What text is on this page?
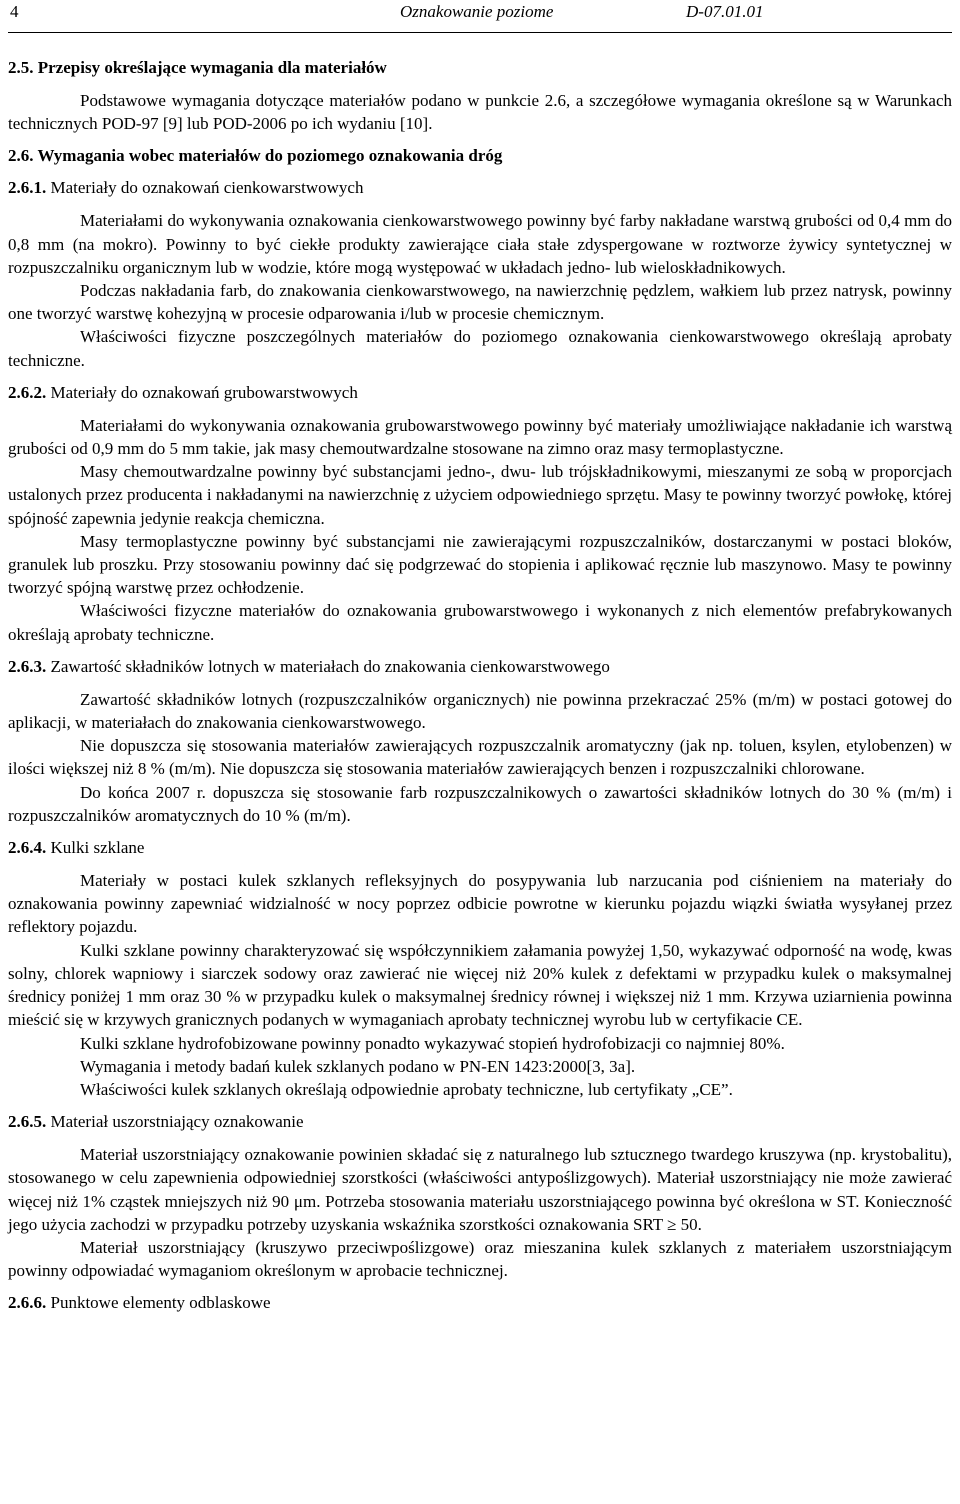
4	Oznakowanie poziome	D-07.01.01
2.5. Przepisy określające wymagania dla materiałów

Podstawowe wymagania dotyczące materiałów podano w punkcie 2.6, a szczegółowe wymagania określone są w Warunkach technicznych POD-97 [9] lub POD-2006 po ich wydaniu [10].

2.6. Wymagania wobec materiałów do poziomego oznakowania dróg
2.6.1. Materiały do oznakowań cienkowarstwowych

Materiałami do wykonywania oznakowania cienkowarstwowego powinny być farby nakładane warstwą grubości od 0,4 mm do 0,8 mm (na mokro). Powinny to być ciekłe produkty zawierające ciała stałe zdyspergowane w roztworze żywicy syntetycznej w rozpuszczalniku organicznym lub w wodzie, które mogą występować w układach jedno- lub wieloskładnikowych.

Podczas nakładania farb, do znakowania cienkowarstwowego, na nawierzchnię pędzlem, wałkiem lub przez natrysk, powinny one tworzyć warstwę kohezyjną w procesie odparowania i/lub w procesie chemicznym.

Właściwości fizyczne poszczególnych materiałów do poziomego oznakowania cienkowarstwowego określają aprobaty techniczne.

2.6.2. Materiały do oznakowań grubowarstwowych

Materiałami do wykonywania oznakowania grubowarstwowego powinny być materiały umożliwiające nakładanie ich warstwą grubości od 0,9 mm do 5 mm takie, jak masy chemoutwardzalne stosowane na zimno oraz masy termoplastyczne.

Masy chemoutwardzalne powinny być substancjami jedno-, dwu- lub trójskładnikowymi, mieszanymi ze sobą w proporcjach ustalonych przez producenta i nakładanymi na nawierzchnię z użyciem odpowiedniego sprzętu. Masy te powinny tworzyć powłokę, której spójność zapewnia jedynie reakcja chemiczna.

Masy termoplastyczne powinny być substancjami nie zawierającymi rozpuszczalników, dostarczanymi w postaci bloków, granulek lub proszku. Przy stosowaniu powinny dać się podgrzewać do stopienia i aplikować ręcznie lub maszynowo. Masy te powinny tworzyć spójną warstwę przez ochłodzenie.

Właściwości fizyczne materiałów do oznakowania grubowarstwowego i wykonanych z nich elementów prefabrykowanych określają aprobaty techniczne.

2.6.3. Zawartość składników lotnych w materiałach do znakowania cienkowarstwowego

Zawartość składników lotnych (rozpuszczalników organicznych) nie powinna przekraczać 25% (m/m) w postaci gotowej do aplikacji, w materiałach do znakowania cienkowarstwowego.

Nie dopuszcza się stosowania materiałów zawierających rozpuszczalnik aromatyczny (jak np. toluen, ksylen, etylobenzen) w ilości większej niż 8 % (m/m). Nie dopuszcza się stosowania materiałów zawierających benzen i rozpuszczalniki chlorowane.

Do końca 2007 r. dopuszcza się stosowanie farb rozpuszczalnikowych o zawartości składników lotnych do 30 % (m/m) i rozpuszczalników aromatycznych do 10 % (m/m).

2.6.4. Kulki szklane

Materiały w postaci kulek szklanych refleksyjnych do posypywania lub narzucania pod ciśnieniem na materiały do oznakowania powinny zapewniać widzialność w nocy poprzez odbicie powrotne w kierunku pojazdu wiązki światła wysyłanej przez reflektory pojazdu.

Kulki szklane powinny charakteryzować się współczynnikiem załamania powyżej 1,50, wykazywać odporność na wodę, kwas solny, chlorek wapniowy i siarczek sodowy oraz zawierać nie więcej niż 20% kulek z defektami w przypadku kulek o maksymalnej średnicy poniżej 1 mm oraz 30 % w przypadku kulek o maksymalnej średnicy równej i większej niż 1 mm. Krzywa uziarnienia powinna mieścić się w krzywych granicznych podanych w wymaganiach aprobaty technicznej wyrobu lub w certyfikacie CE.

Kulki szklane hydrofobizowane powinny ponadto wykazywać stopień hydrofobizacji co najmniej 80%.

Wymagania i metody badań kulek szklanych podano w PN-EN 1423:2000[3, 3a].

Właściwości kulek szklanych określają odpowiednie aprobaty techniczne, lub certyfikaty „CE”.

2.6.5. Materiał uszorstniający oznakowanie

Materiał uszorstniający oznakowanie powinien składać się z naturalnego lub sztucznego twardego kruszywa (np. krystobalitu), stosowanego w celu zapewnienia odpowiedniej szorstkości (właściwości antypoślizgowych). Materiał uszorstniający nie może zawierać więcej niż 1% cząstek mniejszych niż 90 μm. Potrzeba stosowania materiału uszorstniającego powinna być określona w ST. Konieczność jego użycia zachodzi w przypadku potrzeby uzyskania wskaźnika szorstkości oznakowania SRT ≥ 50.

Materiał uszorstniający (kruszywo przeciwpoślizgowe) oraz mieszanina kulek szklanych z materiałem uszorstniającym powinny odpowiadać wymaganiom określonym w aprobacie technicznej.

2.6.6. Punktowe elementy odblaskowe
